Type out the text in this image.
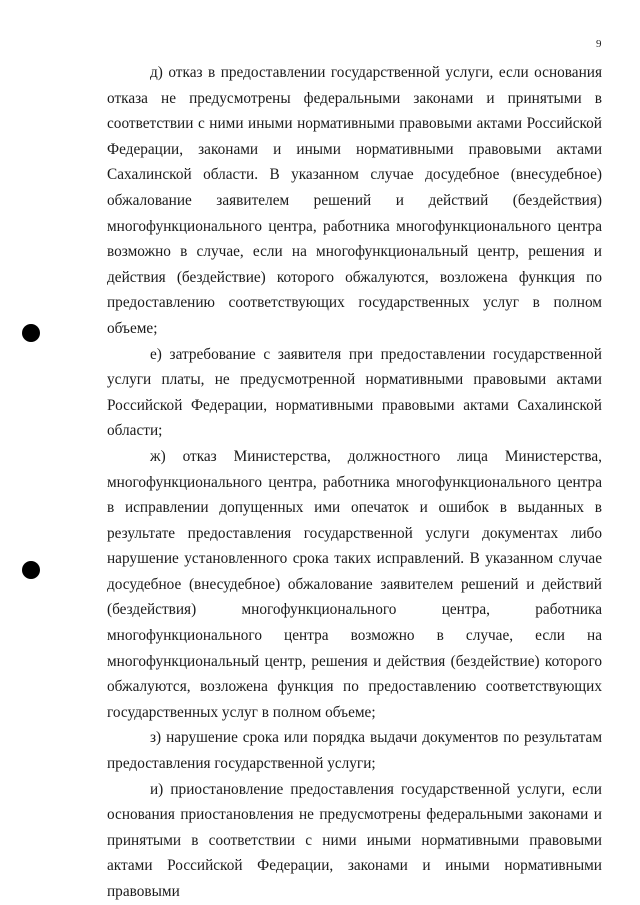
9

д) отказ в предоставлении государственной услуги, если основания отказа не предусмотрены федеральными законами и принятыми в соответствии с ними иными нормативными правовыми актами Российской Федерации, законами и иными нормативными правовыми актами Сахалинской области. В указанном случае досудебное (внесудебное) обжалование заявителем решений и действий (бездействия) многофункционального центра, работника многофункционального центра возможно в случае, если на многофункциональный центр, решения и действия (бездействие) которого обжалуются, возложена функция по предоставлению соответствующих государственных услуг в полном объеме;

е) затребование с заявителя при предоставлении государственной услуги платы, не предусмотренной нормативными правовыми актами Российской Федерации, нормативными правовыми актами Сахалинской области;

ж) отказ Министерства, должностного лица Министерства, многофункционального центра, работника многофункционального центра в исправлении допущенных ими опечаток и ошибок в выданных в результате предоставления государственной услуги документах либо нарушение установленного срока таких исправлений. В указанном случае досудебное (внесудебное) обжалование заявителем решений и действий (бездействия) многофункционального центра, работника многофункционального центра возможно в случае, если на многофункциональный центр, решения и действия (бездействие) которого обжалуются, возложена функция по предоставлению соответствующих государственных услуг в полном объеме;

з) нарушение срока или порядка выдачи документов по результатам предоставления государственной услуги;

и) приостановление предоставления государственной услуги, если основания приостановления не предусмотрены федеральными законами и принятыми в соответствии с ними иными нормативными правовыми актами Российской Федерации, законами и иными нормативными правовыми
